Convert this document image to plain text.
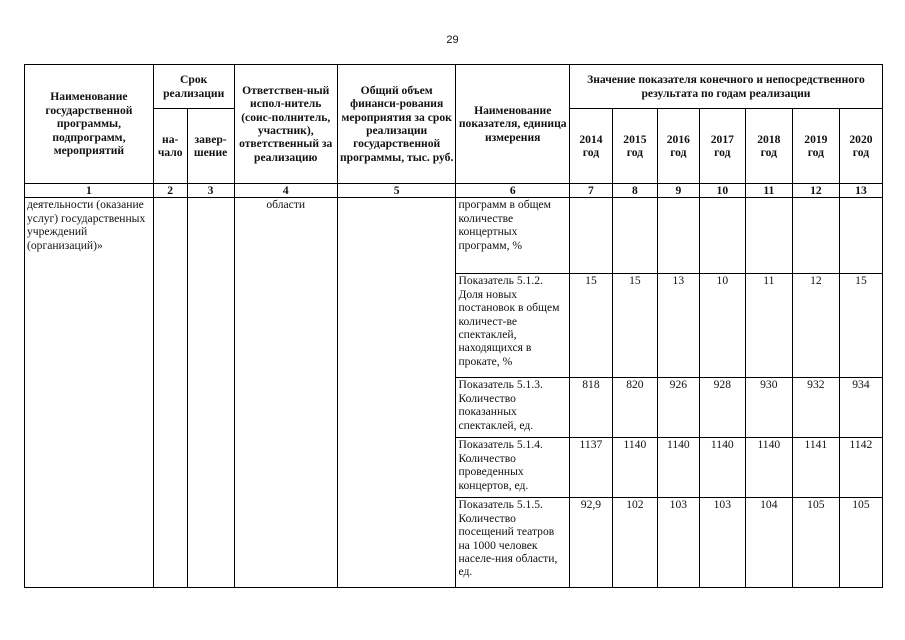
29
Наименование государственной программы, подпрограмм, мероприятий	Срок реализации		Ответствен-ный испол-нитель (соис-полнитель, участник), ответственный за реализацию	Общий объем финанси-рования мероприятия за срок реализации государственной программы, тыс. руб.	Наименование показателя, единица измерения	Значение показателя конечного и непосредственного результата по годам реализации						
	на-чало	завер-шение				2014 год	2015 год	2016 год	2017 год	2018 год	2019 год	2020 год
1	2	3	4	5	6	7	8	9	10	11	12	13
деятельности (оказание услуг) государственных учреждений (организаций)»			области		программ в общем количестве концертных программ, %							
					Показатель 5.1.2. Доля новых постановок в общем количест-ве спектаклей, находящихся в прокате, %	15	15	13	10	11	12	15
					Показатель 5.1.3. Количество показанных спектаклей, ед.	818	820	926	928	930	932	934
					Показатель 5.1.4. Количество проведенных концертов, ед.	1137	1140	1140	1140	1140	1141	1142
					Показатель 5.1.5. Количество посещений театров на 1000 человек населе-ния области, ед.	92,9	102	103	103	104	105	105
